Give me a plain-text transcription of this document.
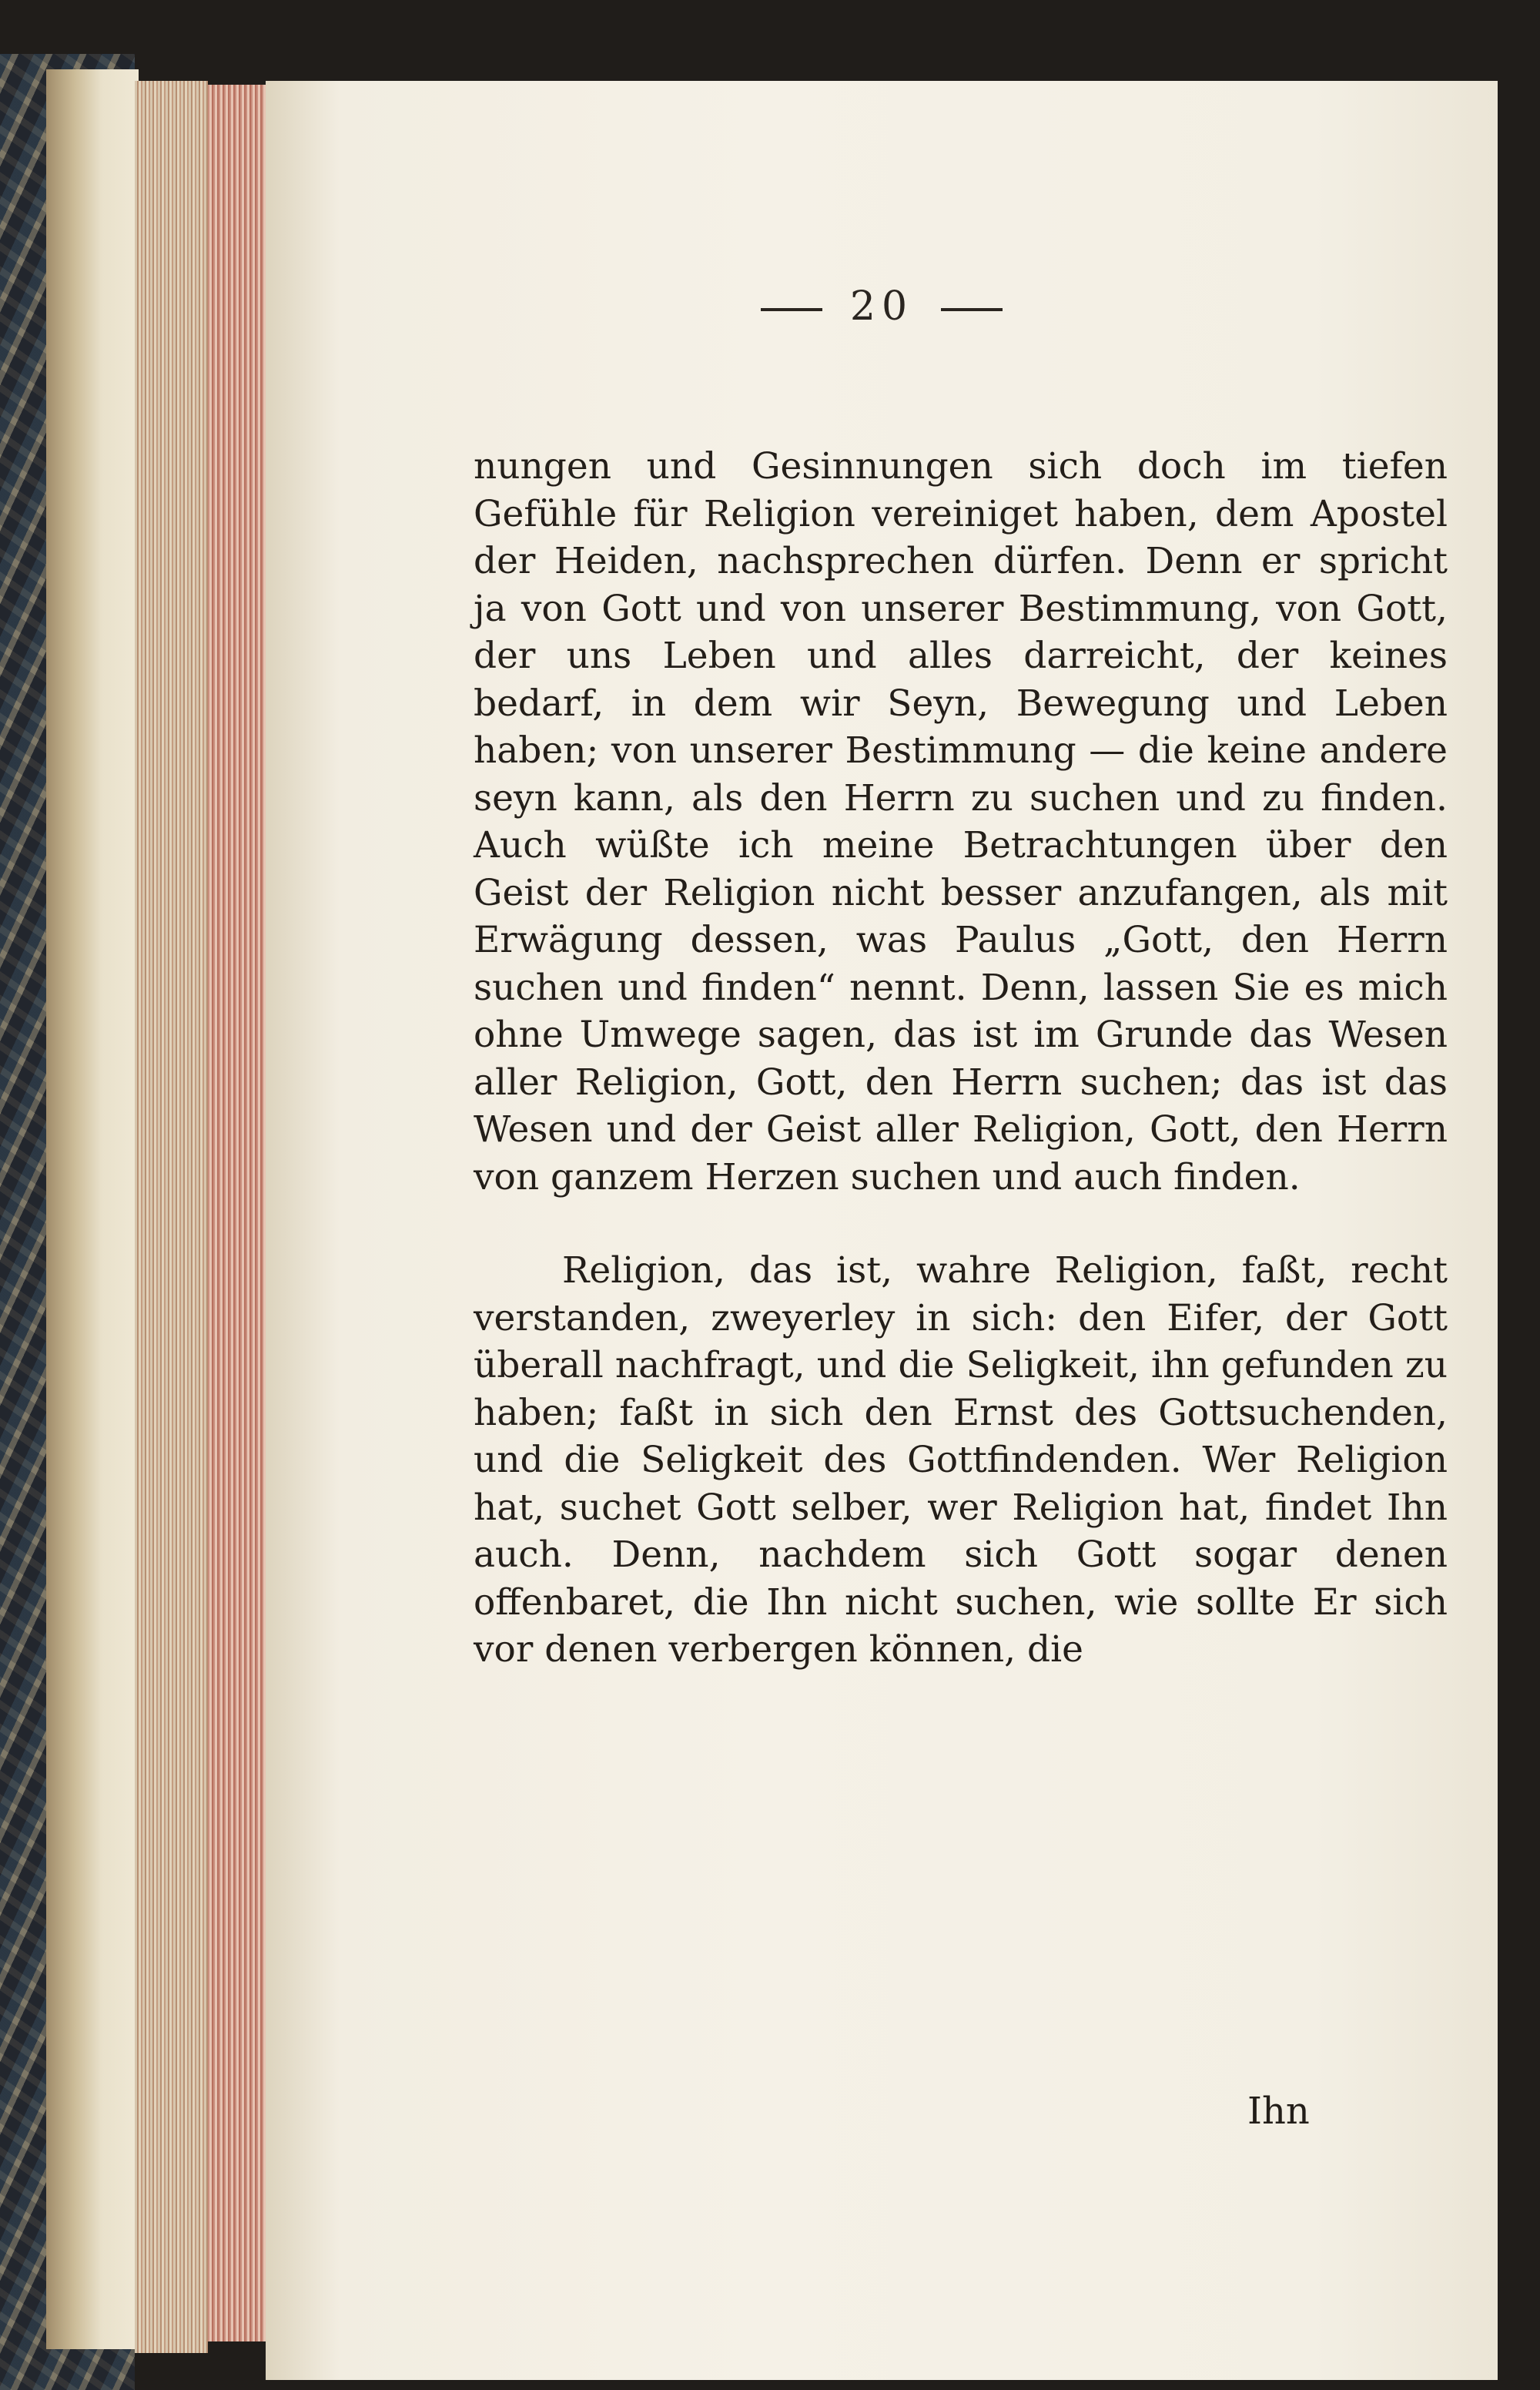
20

nungen und Gesinnungen sich doch im tiefen Gefühle für Religion vereiniget haben, dem Apostel der Heiden, nachsprechen dürfen. Denn er spricht ja von Gott und von unserer Bestimmung, von Gott, der uns Leben und alles darreicht, der keines bedarf, in dem wir Seyn, Bewegung und Leben haben; von unserer Bestimmung — die keine andere seyn kann, als den Herrn zu suchen und zu finden. Auch wüßte ich meine Betrachtungen über den Geist der Religion nicht besser anzufangen, als mit Erwägung dessen, was Paulus „Gott, den Herrn suchen und finden“ nennt. Denn, lassen Sie es mich ohne Umwege sagen, das ist im Grunde das Wesen aller Religion, Gott, den Herrn suchen; das ist das Wesen und der Geist aller Religion, Gott, den Herrn von ganzem Herzen suchen und auch finden.

Religion, das ist, wahre Religion, faßt, recht verstanden, zweyerley in sich: den Eifer, der Gott überall nachfragt, und die Seligkeit, ihn gefunden zu haben; faßt in sich den Ernst des Gottsuchenden, und die Seligkeit des Gottfindenden. Wer Religion hat, suchet Gott selber, wer Religion hat, findet Ihn auch. Denn, nachdem sich Gott sogar denen offenbaret, die Ihn nicht suchen, wie sollte Er sich vor denen verbergen können, die

Ihn
